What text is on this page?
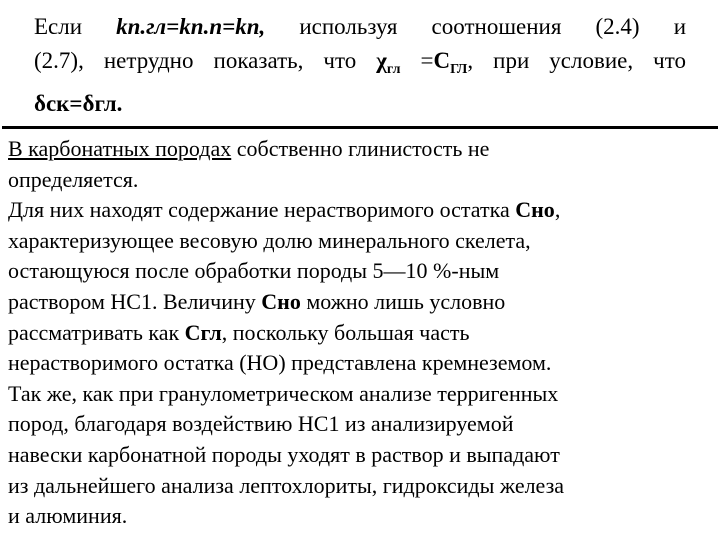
Если kn.гл=kn.n=kn, используя соотношения (2.4) и
(2.7), нетрудно показать, что $\chi_{гл} =С_{ГЛ}$, при условие, что
δск=δгл.
В карбонатных породах собственно глинистость не
определяется.
Для них находят содержание нерастворимого остатка Сно,
характеризующее весовую долю минерального скелета,
остающуюся после обработки породы 5—10 %-ным
раствором НС1. Величину Сно можно лишь условно
рассматривать как Сгл, поскольку большая часть
нерастворимого остатка (НО) представлена кремнеземом.
Так же, как при гранулометрическом анализе терригенных
пород, благодаря воздействию НС1 из анализируемой
навески карбонатной породы уходят в раствор и выпадают
из дальнейшего анализа лептохлориты, гидроксиды железа
и алюминия.
